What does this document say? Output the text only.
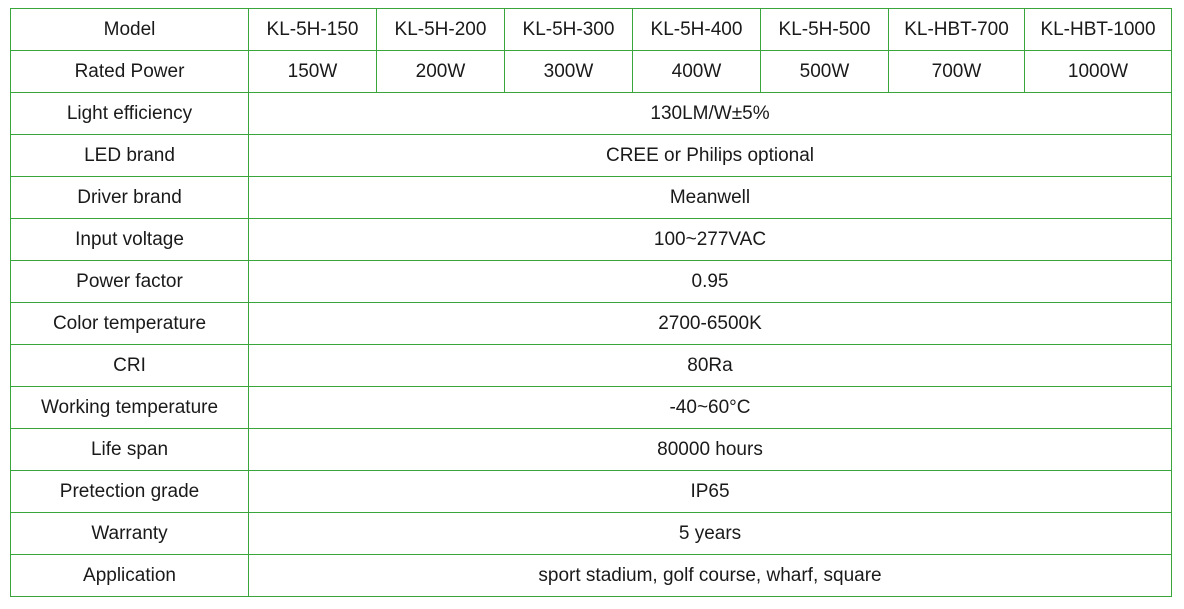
Model	KL-5H-150	KL-5H-200	KL-5H-300	KL-5H-400	KL-5H-500	KL-HBT-700	KL-HBT-1000
Rated Power	150W	200W	300W	400W	500W	700W	1000W
Light efficiency	130LM/W±5%						
LED brand	CREE or Philips optional						
Driver brand	Meanwell						
Input voltage	100~277VAC						
Power factor	0.95						
Color temperature	2700-6500K						
CRI	80Ra						
Working temperature	-40~60°C						
Life span	80000 hours						
Pretection grade	IP65						
Warranty	5 years						
Application	sport stadium, golf course, wharf, square						
